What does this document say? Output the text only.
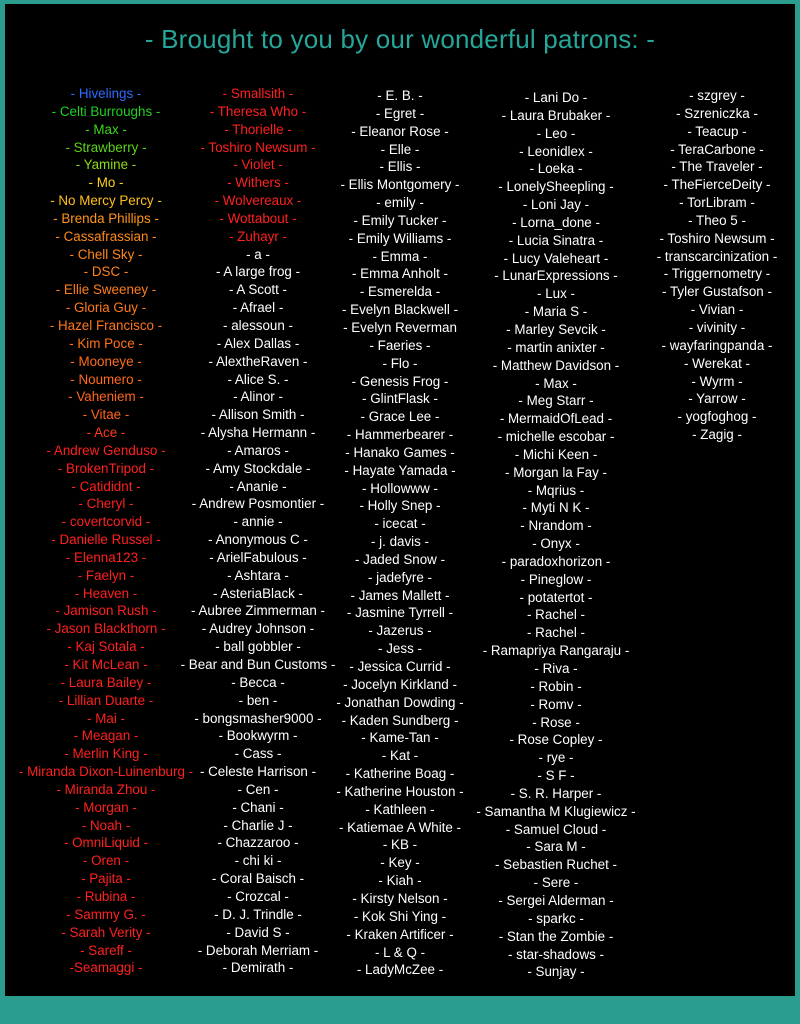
- Brought to you by our wonderful patrons: -
- Hivelings -
- Celti Burroughs -
- Max -
- Strawberry -
- Yamine -
- Mo -
- No Mercy Percy -
- Brenda Phillips -
- Cassafrassian -
- Chell Sky -
- DSC -
- Ellie Sweeney -
- Gloria Guy -
- Hazel Francisco -
- Kim Poce -
- Mooneye -
- Noumero -
- Vaheniem -
- Vitae -
- Ace -
- Andrew Genduso -
- BrokenTripod -
- Catididnt -
- Cheryl -
- covertcorvid -
- Danielle Russel -
- Elenna123 -
- Faelyn -
- Heaven -
- Jamison Rush -
- Jason Blackthorn -
- Kaj Sotala -
- Kit McLean -
- Laura Bailey -
- Lillian Duarte -
- Mai -
- Meagan -
- Merlin King -
- Miranda Dixon-Luinenburg -
- Miranda Zhou -
- Morgan -
- Noah -
- OmniLiquid -
- Oren -
- Pajita -
- Rubina -
- Sammy G. -
- Sarah Verity -
- Sareff -
-Seamaggi -
- Smallsith -
- Theresa Who -
- Thorielle -
- Toshiro Newsum -
- Violet -
- Withers -
- Wolvereaux -
- Wottabout -
- Zuhayr -
- a -
- A large frog -
- A Scott -
- Afrael -
- alessoun -
- Alex Dallas -
- AlextheRaven -
- Alice S. -
- Alinor -
- Allison Smith -
- Alysha Hermann -
- Amaros -
- Amy Stockdale -
- Ananie -
- Andrew Posmontier -
- annie -
- Anonymous C -
- ArielFabulous -
- Ashtara -
- AsteriaBlack -
- Aubree Zimmerman -
- Audrey Johnson -
- ball gobbler -
- Bear and Bun Customs -
- Becca -
- ben -
- bongsmasher9000 -
- Bookwyrm -
- Cass -
- Celeste Harrison -
- Cen -
- Chani -
- Charlie J -
- Chazzaroo -
- chi ki -
- Coral Baisch -
- Crozcal -
- D. J. Trindle -
- David S -
- Deborah Merriam -
- Demirath -
- E. B. -
- Egret -
- Eleanor Rose -
- Elle -
- Ellis -
- Ellis Montgomery -
- emily -
- Emily Tucker -
- Emily Williams -
- Emma -
- Emma Anholt -
- Esmerelda -
- Evelyn Blackwell -
- Evelyn Reverman
- Faeries -
- Flo -
- Genesis Frog -
- GlintFlask -
- Grace Lee -
- Hammerbearer -
- Hanako Games -
- Hayate Yamada -
- Hollowww -
- Holly Snep -
- icecat -
- j. davis -
- Jaded Snow -
- jadefyre -
- James Mallett -
- Jasmine Tyrrell -
- Jazerus -
- Jess -
- Jessica Currid -
- Jocelyn Kirkland -
- Jonathan Dowding -
- Kaden Sundberg -
- Kame-Tan -
- Kat -
- Katherine Boag -
- Katherine Houston -
- Kathleen -
- Katiemae A White -
- KB -
- Key -
- Kiah -
- Kirsty Nelson -
- Kok Shi Ying -
- Kraken Artificer -
- L & Q -
- LadyMcZee -
- Lani Do -
- Laura Brubaker -
- Leo -
- Leonidlex -
- Loeka -
- LonelySheepling -
- Loni Jay -
- Lorna_done -
- Lucia Sinatra -
- Lucy Valeheart -
- LunarExpressions -
- Lux -
- Maria S -
- Marley Sevcik -
- martin anixter -
- Matthew Davidson -
- Max -
- Meg Starr -
- MermaidOfLead -
- michelle escobar -
- Michi Keen -
- Morgan la Fay -
- Mqrius -
- Myti N K -
- Nrandom -
- Onyx -
- paradoxhorizon -
- Pineglow -
- potatertot -
- Rachel -
- Rachel -
- Ramapriya Rangaraju -
- Riva -
- Robin -
- Romv -
- Rose -
- Rose Copley -
- rye -
- S F -
- S. R. Harper -
- Samantha M Klugiewicz -
- Samuel Cloud -
- Sara M -
- Sebastien Ruchet -
- Sere -
- Sergei Alderman -
- sparkc -
- Stan the Zombie -
- star-shadows -
- Sunjay -
- szgrey -
- Szreniczka -
- Teacup -
- TeraCarbone -
- The Traveler -
- TheFierceDeity -
- TorLibram -
- Theo 5 -
- Toshiro Newsum -
- transcarcinization -
- Triggernometry -
- Tyler Gustafson -
- Vivian -
- vivinity -
- wayfaringpanda -
- Werekat -
- Wyrm -
- Yarrow -
- yogfoghog -
- Zagig -
